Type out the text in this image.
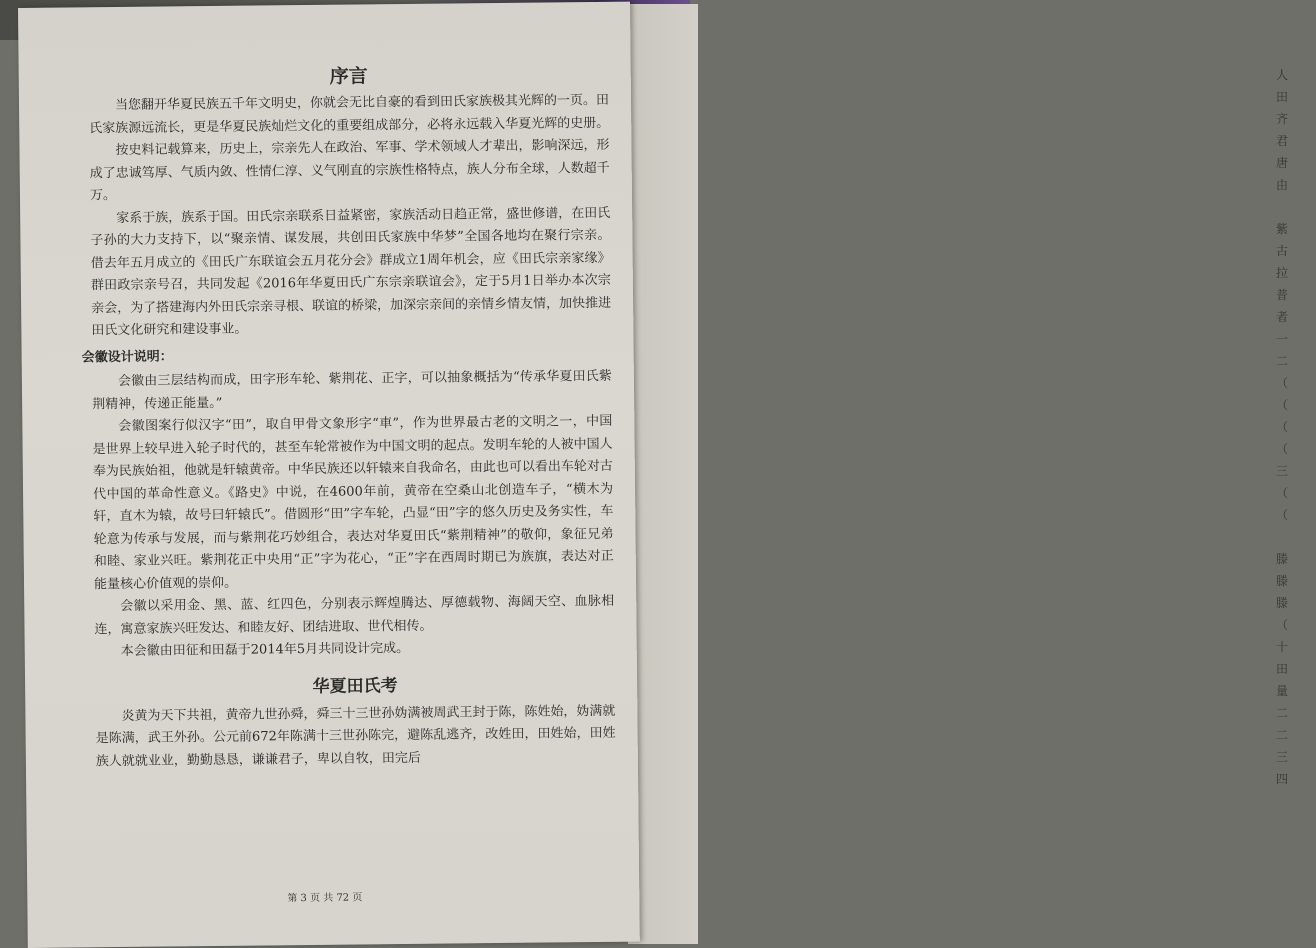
人
田
齐
君
唐
由
紫
古
拉
普
者
一
二
（
（
（
（
三
（
（
滕
滕
滕
（
十
田
量
二
二
三
四
序言

当您翻开华夏民族五千年文明史，你就会无比自豪的看到田氏家族极其光辉的一页。田氏家族源远流长，更是华夏民族灿烂文化的重要组成部分，必将永远载入华夏光辉的史册。

按史料记载算来，历史上，宗亲先人在政治、军事、学术领域人才辈出，影响深远，形成了忠诚笃厚、气质内敛、性情仁淳、义气刚直的宗族性格特点，族人分布全球，人数超千万。

家系于族，族系于国。田氏宗亲联系日益紧密，家族活动日趋正常，盛世修谱，在田氏子孙的大力支持下，以“聚亲情、谋发展，共创田氏家族中华梦”全国各地均在聚行宗亲。借去年五月成立的《田氏广东联谊会五月花分会》群成立1周年机会，应《田氏宗亲家缘》群田政宗亲号召，共同发起《2016年华夏田氏广东宗亲联谊会》，定于5月1日举办本次宗亲会，为了搭建海内外田氏宗亲寻根、联谊的桥梁，加深宗亲间的亲情乡情友情，加快推进田氏文化研究和建设事业。

会徽设计说明：

会徽由三层结构而成，田字形车轮、紫荆花、正字，可以抽象概括为“传承华夏田氏紫荆精神，传递正能量。”

会徽图案行似汉字“田”，取自甲骨文象形字“車”，作为世界最古老的文明之一，中国是世界上较早进入轮子时代的，甚至车轮常被作为中国文明的起点。发明车轮的人被中国人奉为民族始祖，他就是轩辕黄帝。中华民族还以轩辕来自我命名，由此也可以看出车轮对古代中国的革命性意义。《路史》中说，在4600年前，黄帝在空桑山北创造车子，“横木为轩，直木为辕，故号曰轩辕氏”。借圆形“田”字车轮，凸显“田”字的悠久历史及务实性，车轮意为传承与发展，而与紫荆花巧妙组合，表达对华夏田氏“紫荆精神”的敬仰，象征兄弟和睦、家业兴旺。紫荆花正中央用“正”字为花心，“正”字在西周时期已为族旗，表达对正能量核心价值观的崇仰。

会徽以采用金、黑、蓝、红四色，分别表示辉煌腾达、厚德载物、海阔天空、血脉相连，寓意家族兴旺发达、和睦友好、团结进取、世代相传。

本会徽由田征和田磊于2014年5月共同设计完成。

华夏田氏考

炎黄为天下共祖，黄帝九世孙舜，舜三十三世孙妫满被周武王封于陈，陈姓始，妫满就是陈满，武王外孙。公元前672年陈满十三世孙陈完，避陈乱逃齐，改姓田，田姓始，田姓族人就就业业，勤勤恳恳，谦谦君子，卑以自牧，田完后

第 3 页 共 72 页
